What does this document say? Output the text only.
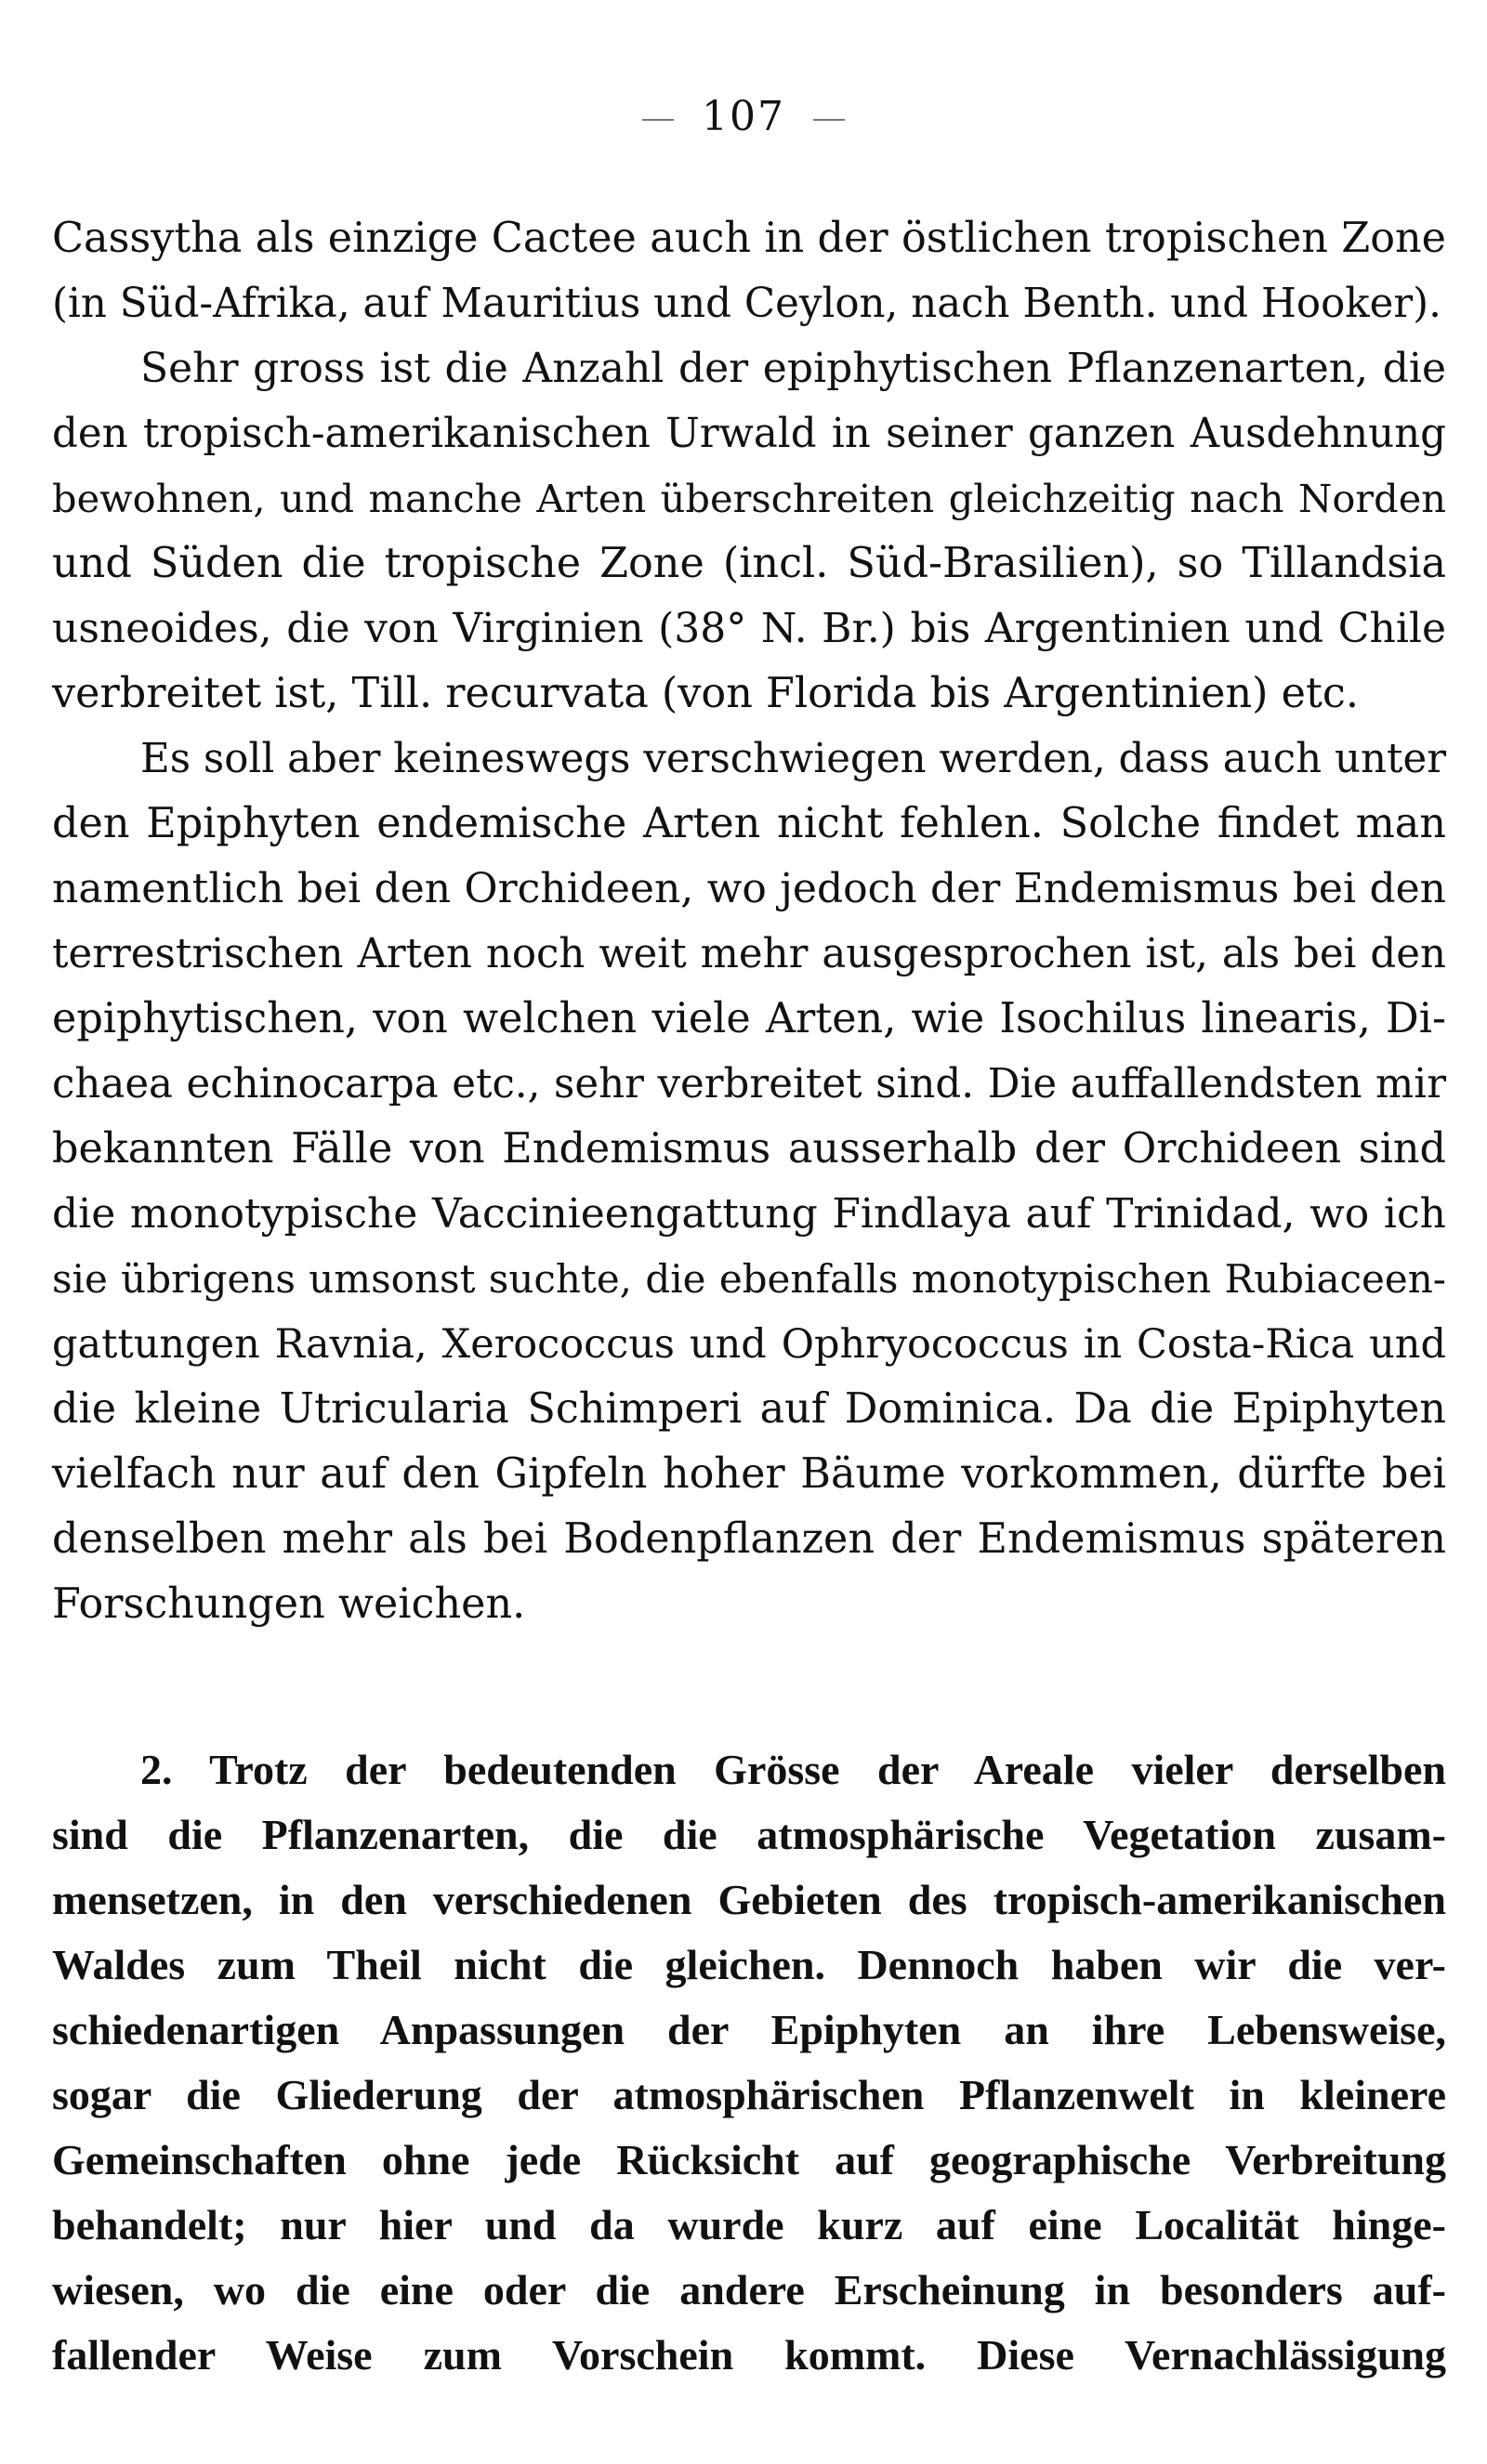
107
Cassytha als einzige Cactee auch in der östlichen tropischen Zone
(in Süd-Afrika, auf Mauritius und Ceylon, nach Benth. und Hooker).
Sehr gross ist die Anzahl der epiphytischen Pflanzenarten, die
den tropisch-amerikanischen Urwald in seiner ganzen Ausdehnung
bewohnen, und manche Arten überschreiten gleichzeitig nach Norden
und Süden die tropische Zone (incl. Süd-Brasilien), so Tillandsia
usneoides, die von Virginien (38° N. Br.) bis Argentinien und Chile
verbreitet ist, Till. recurvata (von Florida bis Argentinien) etc.
Es soll aber keineswegs verschwiegen werden, dass auch unter
den Epiphyten endemische Arten nicht fehlen. Solche findet man
namentlich bei den Orchideen, wo jedoch der Endemismus bei den
terrestrischen Arten noch weit mehr ausgesprochen ist, als bei den
epiphytischen, von welchen viele Arten, wie Isochilus linearis, Di-
chaea echinocarpa etc., sehr verbreitet sind. Die auffallendsten mir
bekannten Fälle von Endemismus ausserhalb der Orchideen sind
die monotypische Vaccinieengattung Findlaya auf Trinidad, wo ich
sie übrigens umsonst suchte, die ebenfalls monotypischen Rubiaceen-
gattungen Ravnia, Xerococcus und Ophryococcus in Costa-Rica und
die kleine Utricularia Schimperi auf Dominica. Da die Epiphyten
vielfach nur auf den Gipfeln hoher Bäume vorkommen, dürfte bei
denselben mehr als bei Bodenpflanzen der Endemismus späteren
Forschungen weichen.
2. Trotz der bedeutenden Grösse der Areale vieler derselben
sind die Pflanzenarten, die die atmosphärische Vegetation zusam-
mensetzen, in den verschiedenen Gebieten des tropisch-amerikanischen
Waldes zum Theil nicht die gleichen. Dennoch haben wir die ver-
schiedenartigen Anpassungen der Epiphyten an ihre Lebensweise,
sogar die Gliederung der atmosphärischen Pflanzenwelt in kleinere
Gemeinschaften ohne jede Rücksicht auf geographische Verbreitung
behandelt; nur hier und da wurde kurz auf eine Localität hinge-
wiesen, wo die eine oder die andere Erscheinung in besonders auf-
fallender Weise zum Vorschein kommt. Diese Vernachlässigung
